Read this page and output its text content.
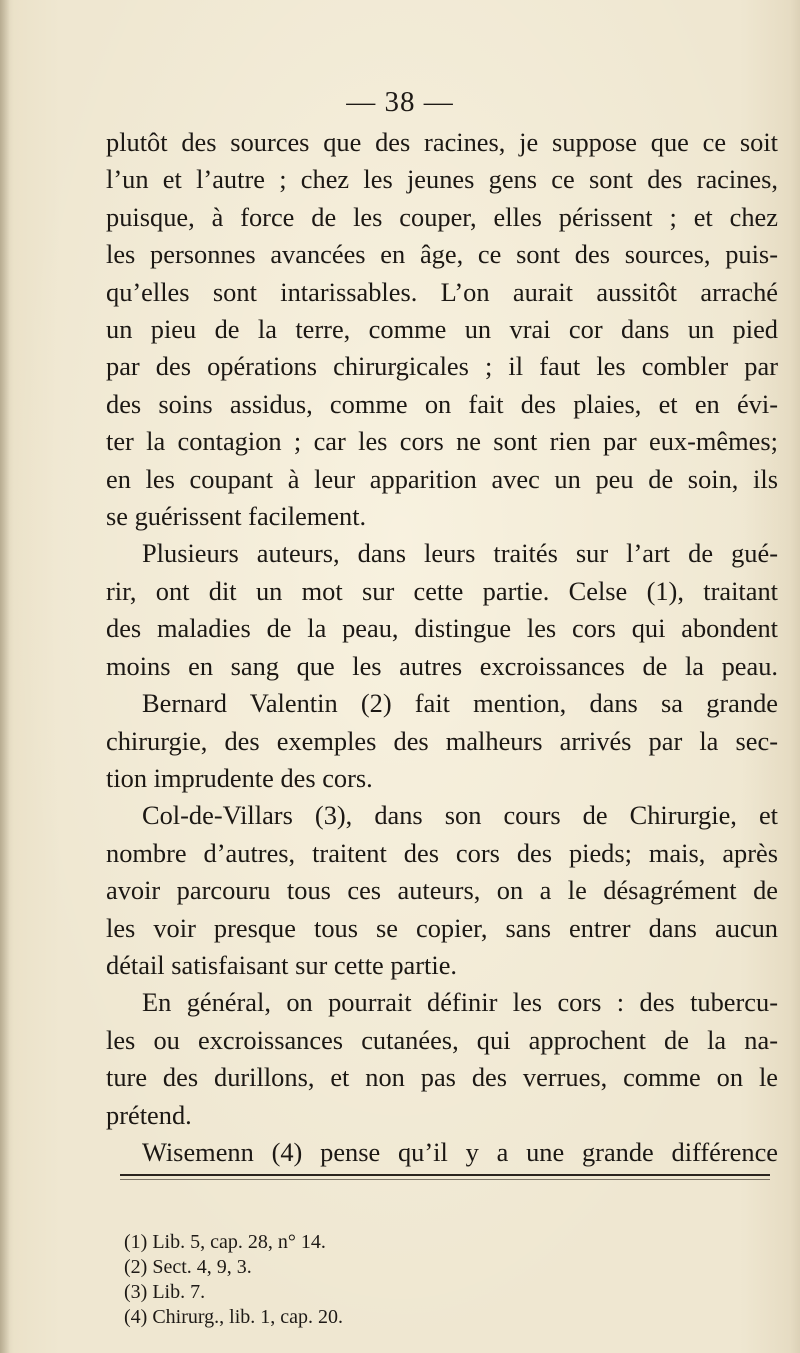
— 38 —

plutôt des sources que des racines, je suppose que ce soit

l’un et l’autre ; chez les jeunes gens ce sont des racines,

puisque, à force de les couper, elles périssent ; et chez

les personnes avancées en âge, ce sont des sources, puis-

qu’elles sont intarissables. L’on aurait aussitôt arraché

un pieu de la terre, comme un vrai cor dans un pied

par des opérations chirurgicales ; il faut les combler par

des soins assidus, comme on fait des plaies, et en évi-

ter la contagion ; car les cors ne sont rien par eux-mêmes;

en les coupant à leur apparition avec un peu de soin, ils

se guérissent facilement.

Plusieurs auteurs, dans leurs traités sur l’art de gué-

rir, ont dit un mot sur cette partie. Celse (1), traitant

des maladies de la peau, distingue les cors qui abondent

moins en sang que les autres excroissances de la peau.

Bernard Valentin (2) fait mention, dans sa grande

chirurgie, des exemples des malheurs arrivés par la sec-

tion imprudente des cors.

Col-de-Villars (3), dans son cours de Chirurgie, et

nombre d’autres, traitent des cors des pieds; mais, après

avoir parcouru tous ces auteurs, on a le désagrément de

les voir presque tous se copier, sans entrer dans aucun

détail satisfaisant sur cette partie.

En général, on pourrait définir les cors : des tubercu-

les ou excroissances cutanées, qui approchent de la na-

ture des durillons, et non pas des verrues, comme on le

prétend.

Wisemenn (4) pense qu’il y a une grande différence

(1) Lib. 5, cap. 28, n° 14.
(2) Sect. 4, 9, 3.
(3) Lib. 7.
(4) Chirurg., lib. 1, cap. 20.
